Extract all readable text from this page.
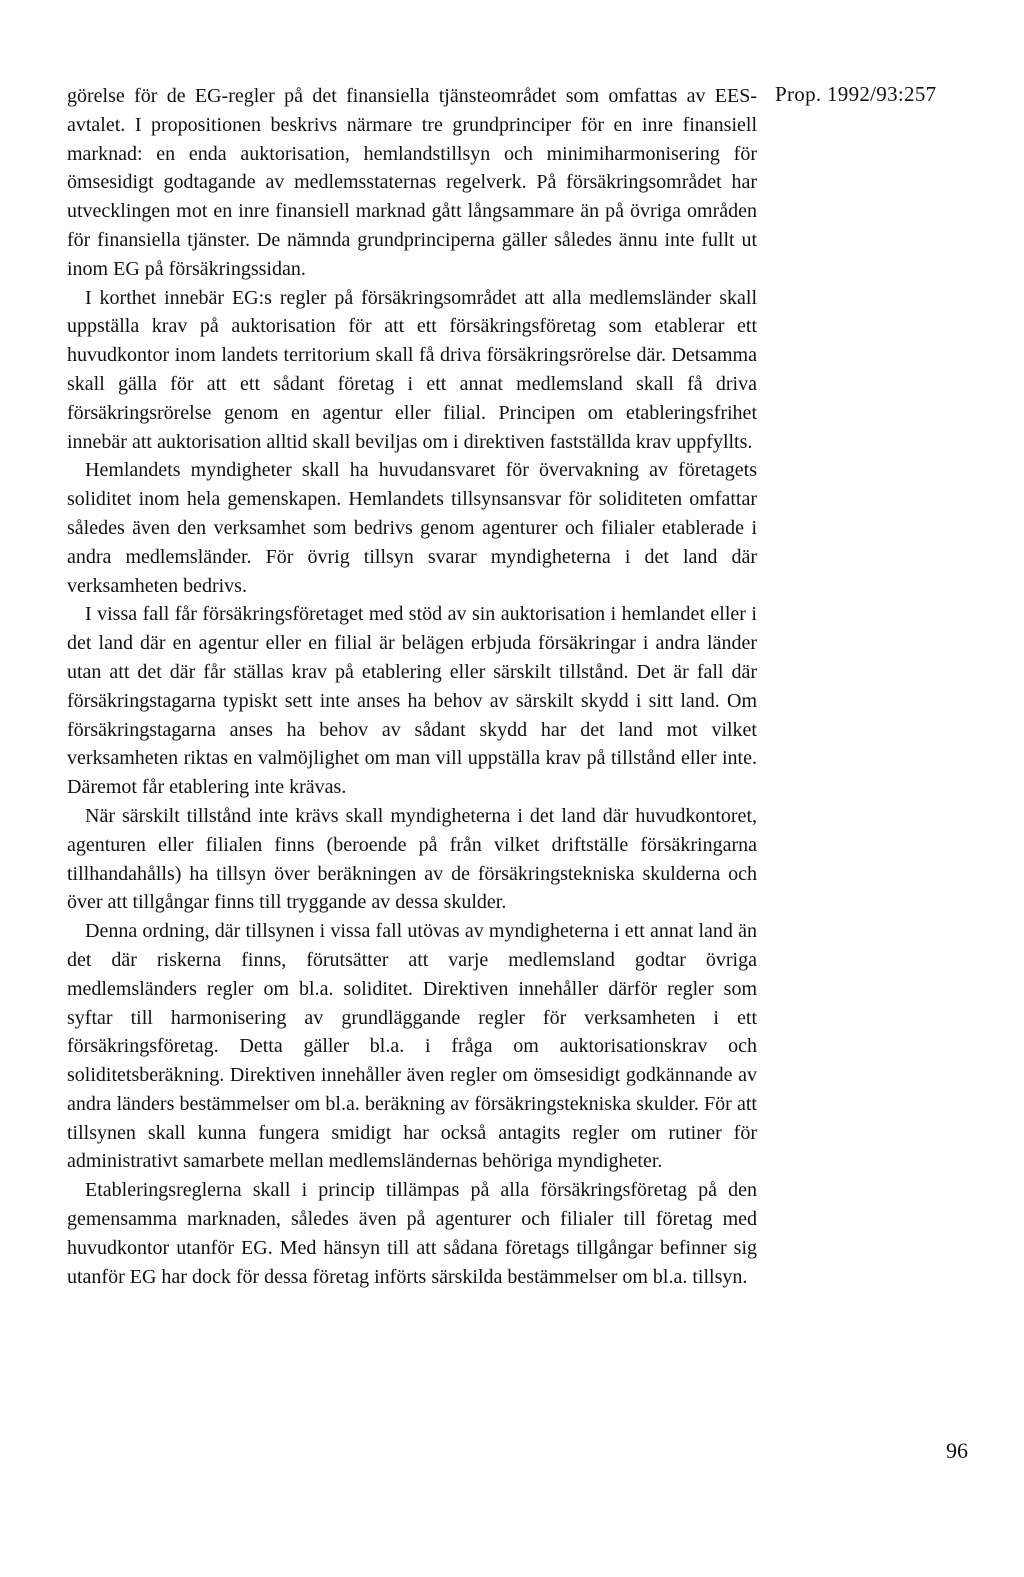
Prop. 1992/93:257

görelse för de EG-regler på det finansiella tjänsteområdet som omfattas av EES-avtalet. I propositionen beskrivs närmare tre grundprinciper för en inre finansiell marknad: en enda auktorisation, hemlandstillsyn och minimiharmonisering för ömsesidigt godtagande av medlemsstaternas regelverk. På försäkringsområdet har utvecklingen mot en inre finansiell marknad gått långsammare än på övriga områden för finansiella tjänster. De nämnda grundprinciperna gäller således ännu inte fullt ut inom EG på försäkringssidan.

I korthet innebär EG:s regler på försäkringsområdet att alla medlemsländer skall uppställa krav på auktorisation för att ett försäkringsföretag som etablerar ett huvudkontor inom landets territorium skall få driva försäkringsrörelse där. Detsamma skall gälla för att ett sådant företag i ett annat medlemsland skall få driva försäkringsrörelse genom en agentur eller filial. Principen om etableringsfrihet innebär att auktorisation alltid skall beviljas om i direktiven fastställda krav uppfyllts.

Hemlandets myndigheter skall ha huvudansvaret för övervakning av företagets soliditet inom hela gemenskapen. Hemlandets tillsynsansvar för soliditeten omfattar således även den verksamhet som bedrivs genom agenturer och filialer etablerade i andra medlemsländer. För övrig tillsyn svarar myndigheterna i det land där verksamheten bedrivs.

I vissa fall får försäkringsföretaget med stöd av sin auktorisation i hemlandet eller i det land där en agentur eller en filial är belägen erbjuda försäkringar i andra länder utan att det där får ställas krav på etablering eller särskilt tillstånd. Det är fall där försäkringstagarna typiskt sett inte anses ha behov av särskilt skydd i sitt land. Om försäkringstagarna anses ha behov av sådant skydd har det land mot vilket verksamheten riktas en valmöjlighet om man vill uppställa krav på tillstånd eller inte. Däremot får etablering inte krävas.

När särskilt tillstånd inte krävs skall myndigheterna i det land där huvudkontoret, agenturen eller filialen finns (beroende på från vilket driftställe försäkringarna tillhandahålls) ha tillsyn över beräkningen av de försäkringstekniska skulderna och över att tillgångar finns till tryggande av dessa skulder.

Denna ordning, där tillsynen i vissa fall utövas av myndigheterna i ett annat land än det där riskerna finns, förutsätter att varje medlemsland godtar övriga medlemsländers regler om bl.a. soliditet. Direktiven innehåller därför regler som syftar till harmonisering av grundläggande regler för verksamheten i ett försäkringsföretag. Detta gäller bl.a. i fråga om auktorisationskrav och soliditetsberäkning. Direktiven innehåller även regler om ömsesidigt godkännande av andra länders bestämmelser om bl.a. beräkning av försäkringstekniska skulder. För att tillsynen skall kunna fungera smidigt har också antagits regler om rutiner för administrativt samarbete mellan medlemsländernas behöriga myndigheter.

Etableringsreglerna skall i princip tillämpas på alla försäkringsföretag på den gemensamma marknaden, således även på agenturer och filialer till företag med huvudkontor utanför EG. Med hänsyn till att sådana företags tillgångar befinner sig utanför EG har dock för dessa företag införts särskilda bestämmelser om bl.a. tillsyn.

96
